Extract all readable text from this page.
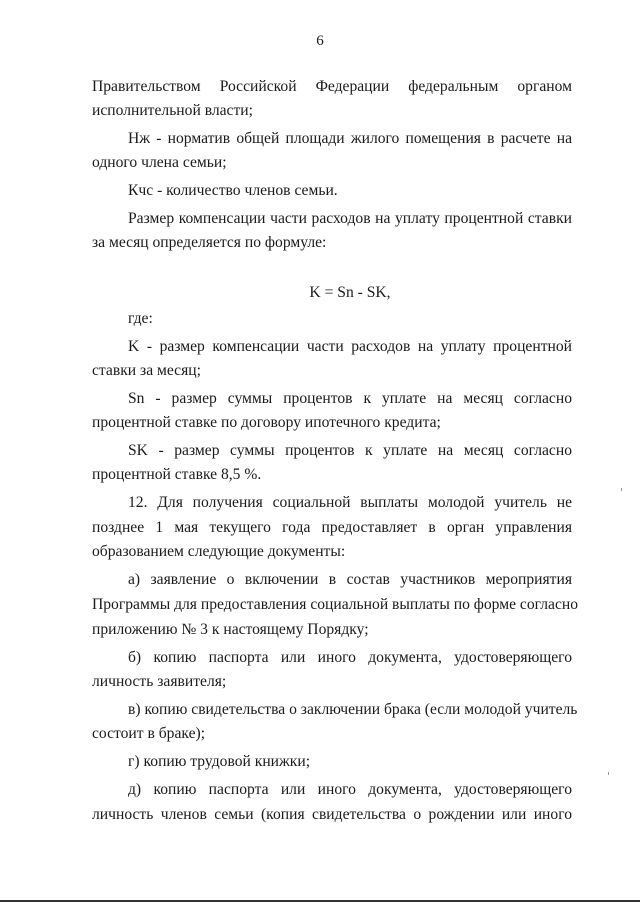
6
Правительством Российской Федерации федеральным органом
исполнительной власти;
Нж - норматив общей площади жилого помещения в расчете на
одного члена семьи;
Кчс - количество членов семьи.
Размер компенсации части расходов на уплату процентной ставки
за месяц определяется по формуле:
K = Sn - SK,
где:
K - размер компенсации части расходов на уплату процентной
ставки за месяц;
Sn - размер суммы процентов к уплате на месяц согласно
процентной ставке по договору ипотечного кредита;
SK - размер суммы процентов к уплате на месяц согласно
процентной ставке 8,5 %.
12. Для получения социальной выплаты молодой учитель не
позднее 1 мая текущего года предоставляет в орган управления
образованием следующие документы:
а) заявление о включении в состав участников мероприятия
Программы для предоставления социальной выплаты по форме согласно
приложению № 3 к настоящему Порядку;
б) копию паспорта или иного документа, удостоверяющего
личность заявителя;
в) копию свидетельства о заключении брака (если молодой учитель
состоит в браке);
г) копию трудовой книжки;
д) копию паспорта или иного документа, удостоверяющего
личность членов семьи (копия свидетельства о рождении или иного
